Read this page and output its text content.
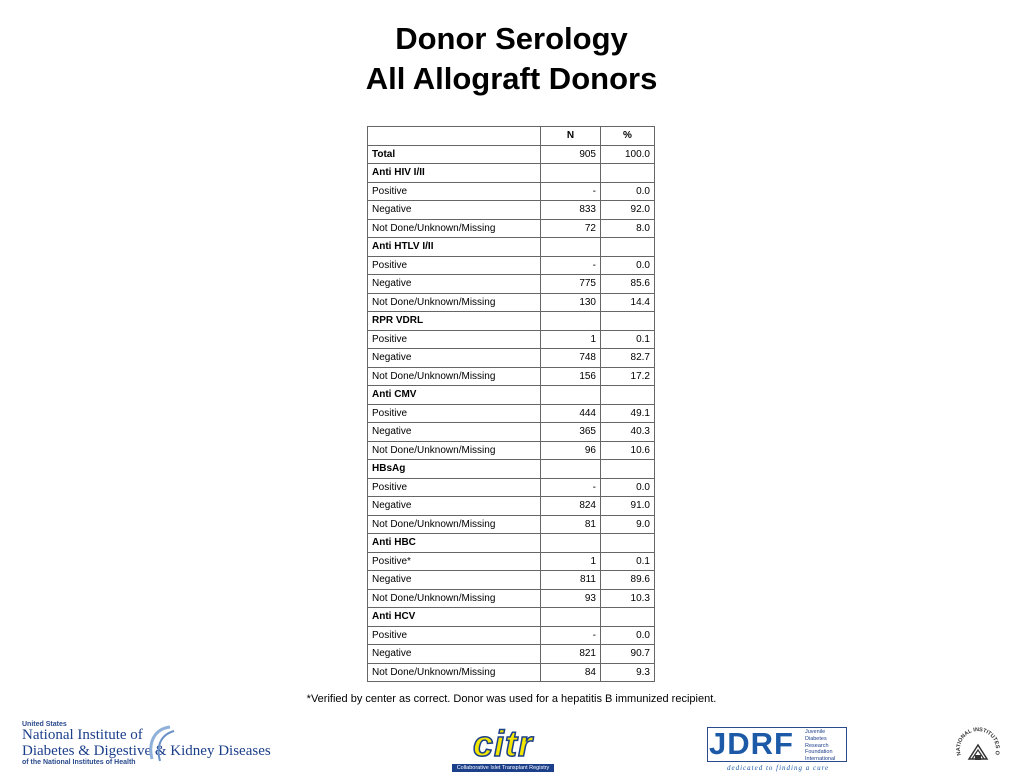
Donor Serology
All Allograft Donors
	N	%
Total	905	100.0
Anti HIV I/II		
Positive	-	0.0
Negative	833	92.0
Not Done/Unknown/Missing	72	8.0
Anti HTLV I/II		
Positive	-	0.0
Negative	775	85.6
Not Done/Unknown/Missing	130	14.4
RPR VDRL		
Positive	1	0.1
Negative	748	82.7
Not Done/Unknown/Missing	156	17.2
Anti CMV		
Positive	444	49.1
Negative	365	40.3
Not Done/Unknown/Missing	96	10.6
HBsAg		
Positive	-	0.0
Negative	824	91.0
Not Done/Unknown/Missing	81	9.0
Anti HBC		
Positive*	1	0.1
Negative	811	89.6
Not Done/Unknown/Missing	93	10.3
Anti HCV		
Positive	-	0.0
Negative	821	90.7
Not Done/Unknown/Missing	84	9.3
*Verified by center as correct. Donor was used for a hepatitis B immunized recipient.
United States
National Institute of
Diabetes & Digestive & Kidney Diseases
of the National Institutes of Health	citr
Collaborative Islet Transplant Registry
JDRF Juvenile
Diabetes
Research
Foundation
International
dedicated to finding a cure
NATIONAL INSTITUTES O
